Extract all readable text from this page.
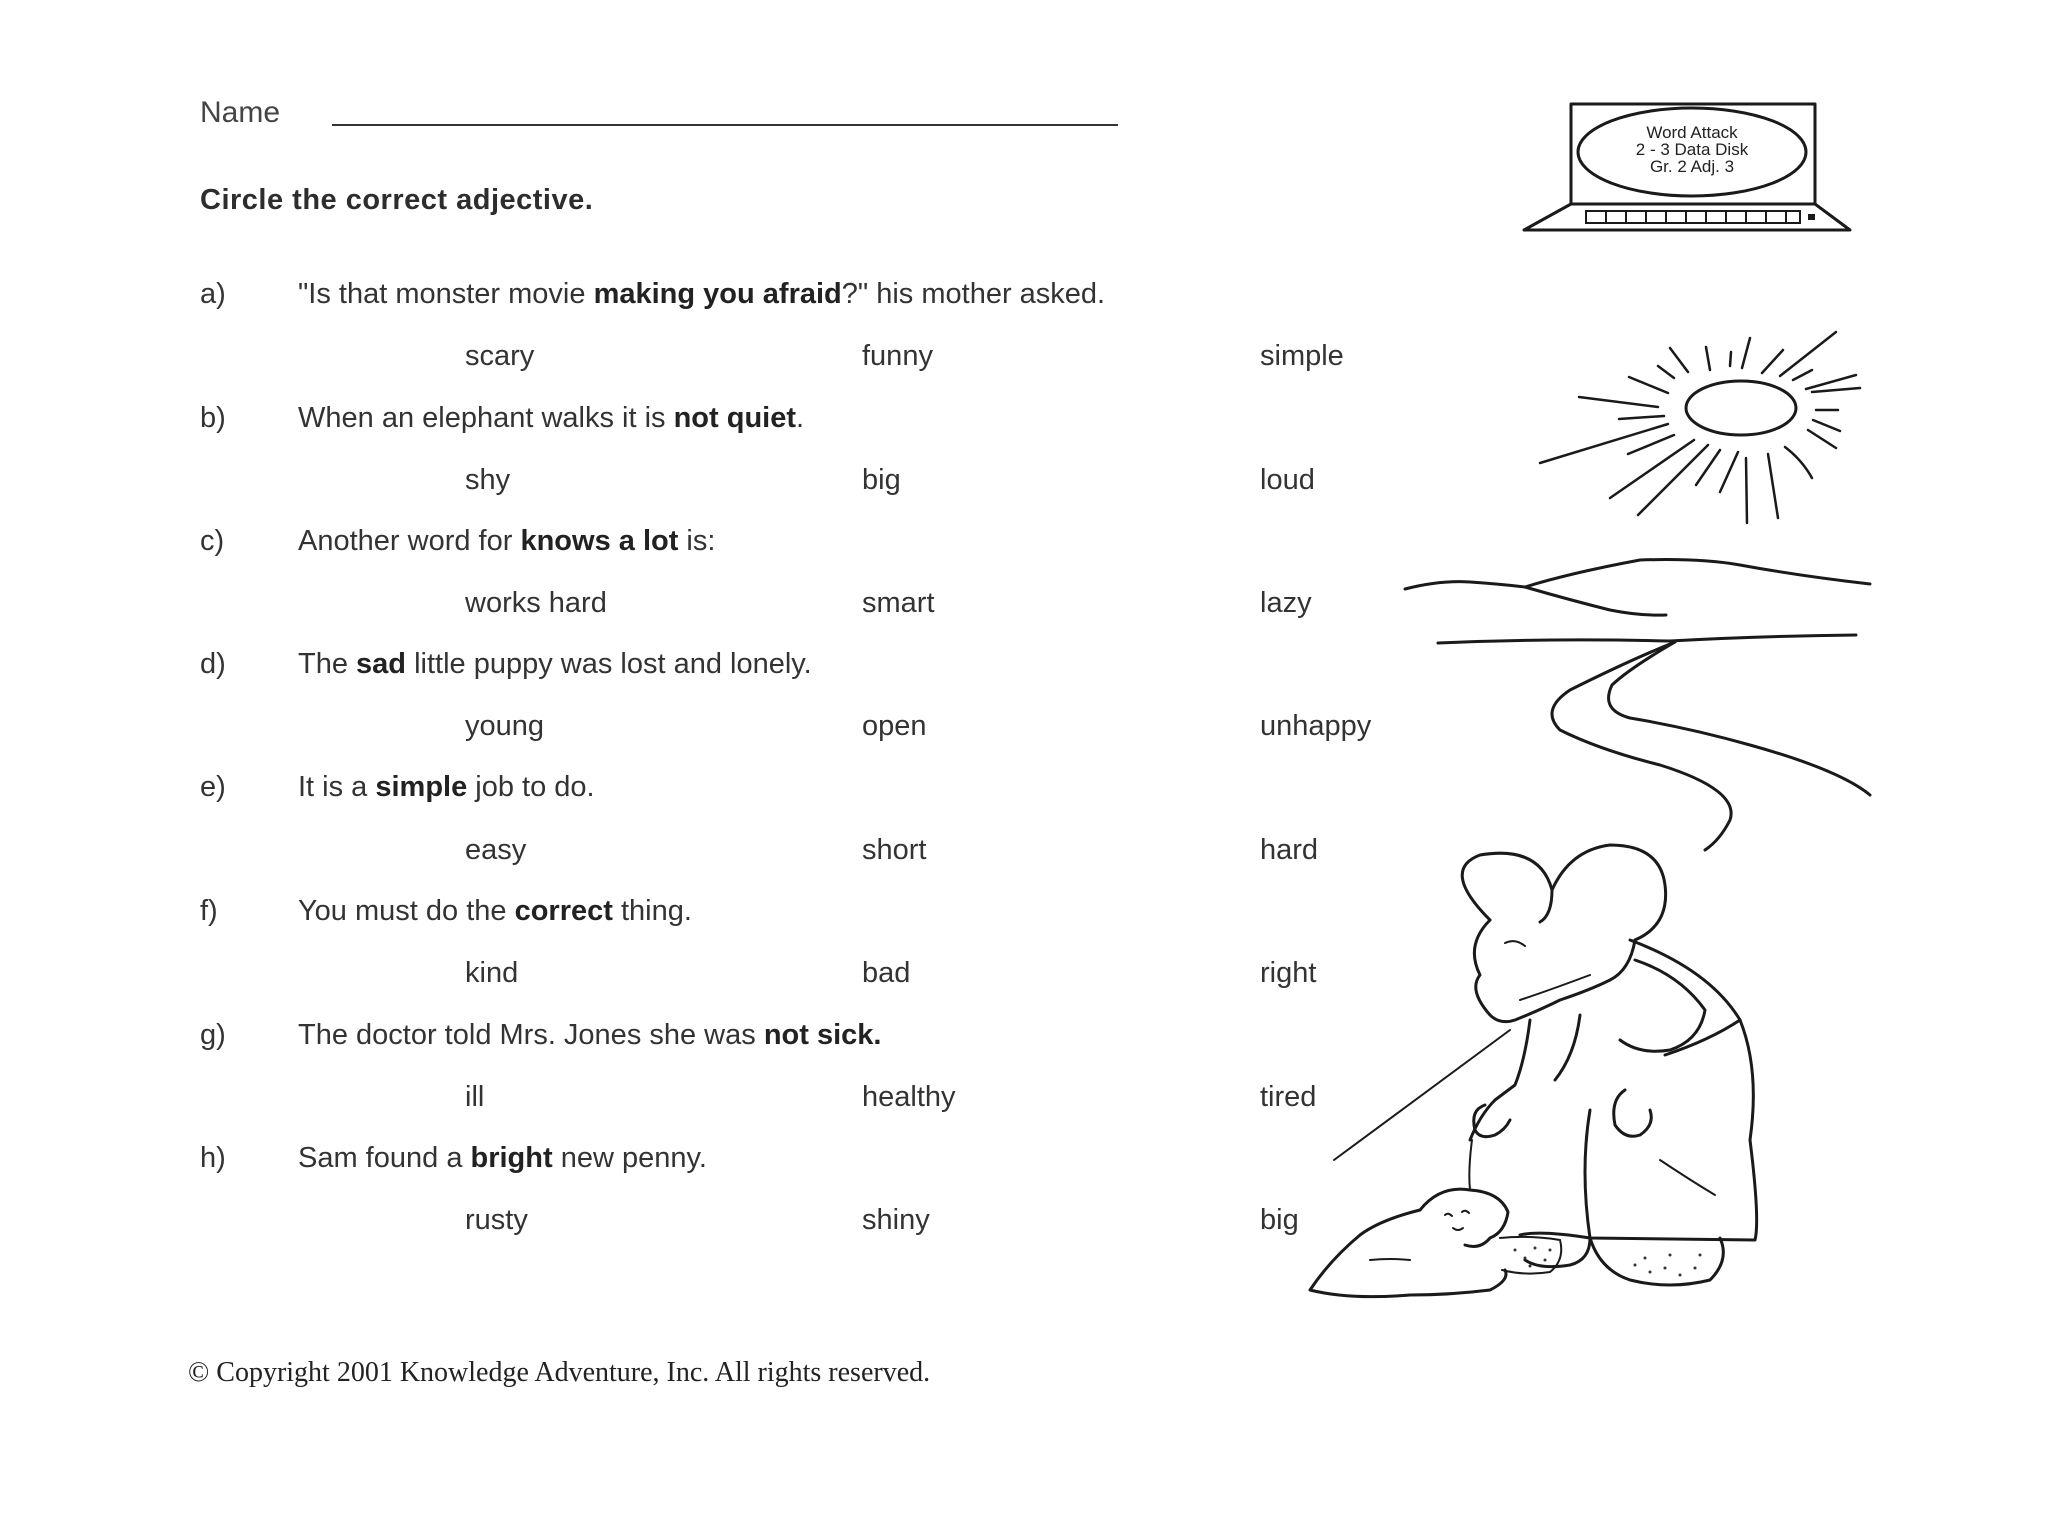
Name
Circle the correct adjective.
Word Attack
2 - 3 Data Disk
Gr. 2 Adj. 3
a) "Is that monster movie making you afraid?" his mother asked.
scary	funny	simple
b) When an elephant walks it is not quiet.
shy	big	loud
c)	Another word for knows a lot is:
works hard	smart	lazy
d) The sad little puppy was lost and lonely.
young	open	unhappy
e) It is a simple job to do.
easy	short	hard
f)	You must do the correct thing.
kind	bad	right
g) The doctor told Mrs. Jones she was not sick.
ill	healthy	tired
h) Sam found a bright new penny.
rusty	shiny	big
© Copyright 2001 Knowledge Adventure, Inc. All rights reserved.
